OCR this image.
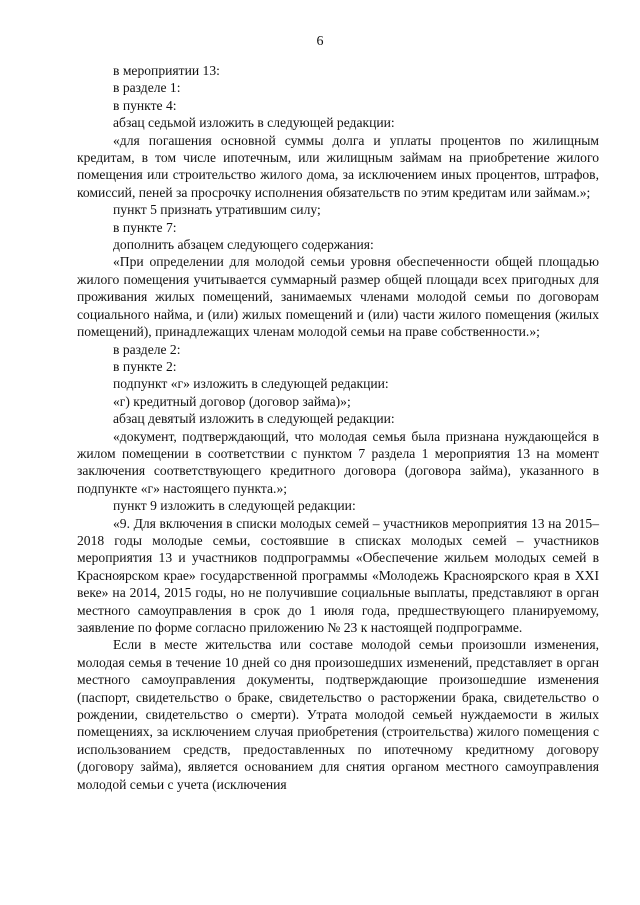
6

в мероприятии 13:

в разделе 1:

в пункте 4:

абзац седьмой изложить в следующей редакции:

«для погашения основной суммы долга и уплаты процентов по жилищным кредитам, в том числе ипотечным, или жилищным займам на приобретение жилого помещения или строительство жилого дома, за исключением иных процентов, штрафов, комиссий, пеней за просрочку исполнения обязательств по этим кредитам или займам.»;

пункт 5 признать утратившим силу;

в пункте 7:

дополнить абзацем следующего содержания:

«При определении для молодой семьи уровня обеспеченности общей площадью жилого помещения учитывается суммарный размер общей площади всех пригодных для проживания жилых помещений, занимаемых членами молодой семьи по договорам социального найма, и (или) жилых помещений и (или) части жилого помещения (жилых помещений), принадлежащих членам молодой семьи на праве собственности.»;

в разделе 2:

в пункте 2:

подпункт «г» изложить в следующей редакции:

«г) кредитный договор (договор займа)»;

абзац девятый изложить в следующей редакции:

«документ, подтверждающий, что молодая семья была признана нуждающейся в жилом помещении в соответствии с пунктом 7 раздела 1 мероприятия 13 на момент заключения соответствующего кредитного договора (договора займа), указанного в подпункте «г» настоящего пункта.»;

пункт 9 изложить в следующей редакции:

«9. Для включения в списки молодых семей – участников мероприятия 13 на 2015–2018 годы молодые семьи, состоявшие в списках молодых семей – участников мероприятия 13 и участников подпрограммы «Обеспечение жильем молодых семей в Красноярском крае» государственной программы «Молодежь Красноярского края в XXI веке» на 2014, 2015 годы, но не получившие социальные выплаты, представляют в орган местного самоуправления в срок до 1 июля года, предшествующего планируемому, заявление по форме согласно приложению № 23 к настоящей подпрограмме.

Если в месте жительства или составе молодой семьи произошли изменения, молодая семья в течение 10 дней со дня произошедших изменений, представляет в орган местного самоуправления документы, подтверждающие произошедшие изменения (паспорт, свидетельство о браке, свидетельство о расторжении брака, свидетельство о рождении, свидетельство о смерти). Утрата молодой семьей нуждаемости в жилых помещениях, за исключением случая приобретения (строительства) жилого помещения с использованием средств, предоставленных по ипотечному кредитному договору (договору займа), является основанием для снятия органом местного самоуправления молодой семьи с учета (исключения
